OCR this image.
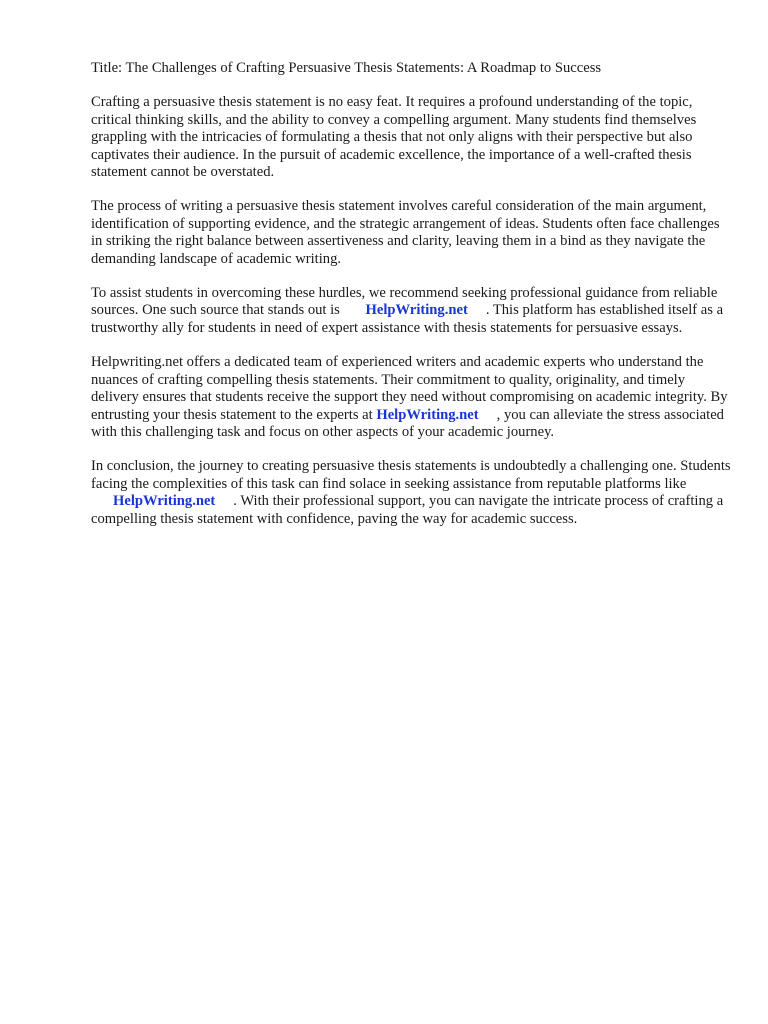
Title: The Challenges of Crafting Persuasive Thesis Statements: A Roadmap to Success

Crafting a persuasive thesis statement is no easy feat. It requires a profound understanding of the topic, critical thinking skills, and the ability to convey a compelling argument. Many students find themselves grappling with the intricacies of formulating a thesis that not only aligns with their perspective but also captivates their audience. In the pursuit of academic excellence, the importance of a well-crafted thesis statement cannot be overstated.

The process of writing a persuasive thesis statement involves careful consideration of the main argument, identification of supporting evidence, and the strategic arrangement of ideas. Students often face challenges in striking the right balance between assertiveness and clarity, leaving them in a bind as they navigate the demanding landscape of academic writing.

To assist students in overcoming these hurdles, we recommend seeking professional guidance from reliable sources. One such source that stands out is HelpWriting.net . This platform has established itself as a trustworthy ally for students in need of expert assistance with thesis statements for persuasive essays.

Helpwriting.net offers a dedicated team of experienced writers and academic experts who understand the nuances of crafting compelling thesis statements. Their commitment to quality, originality, and timely delivery ensures that students receive the support they need without compromising on academic integrity. By entrusting your thesis statement to the experts at HelpWriting.net , you can alleviate the stress associated with this challenging task and focus on other aspects of your academic journey.

In conclusion, the journey to creating persuasive thesis statements is undoubtedly a challenging one. Students facing the complexities of this task can find solace in seeking assistance from reputable platforms like HelpWriting.net . With their professional support, you can navigate the intricate process of crafting a compelling thesis statement with confidence, paving the way for academic success.
